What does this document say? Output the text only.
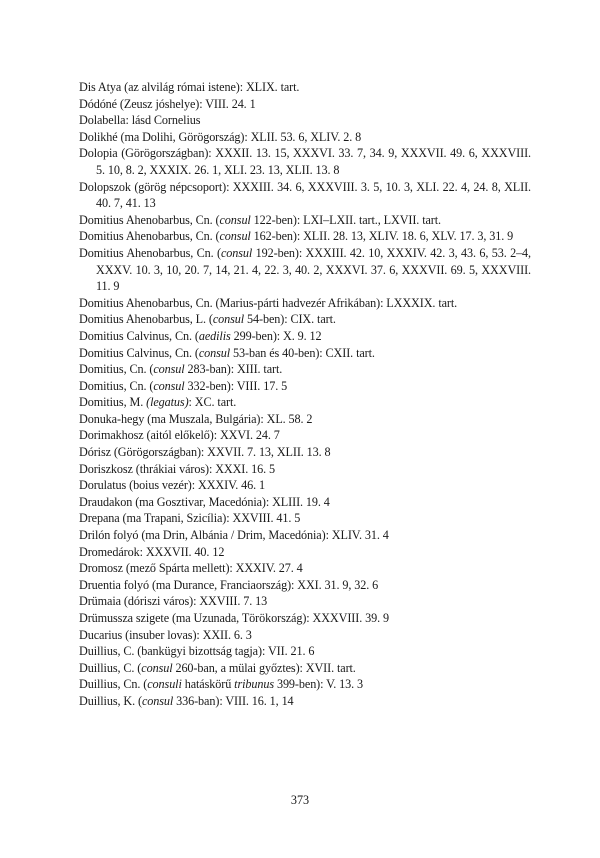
Dis Atya (az alvilág római istene): XLIX. tart.
Dódóné (Zeusz jóshelye): VIII. 24. 1
Dolabella: lásd Cornelius
Dolikhé (ma Dolihi, Görögország): XLII. 53. 6, XLIV. 2. 8
Dolopia (Görögországban): XXXII. 13. 15, XXXVI. 33. 7, 34. 9, XXXVII. 49. 6, XXXVIII. 5. 10, 8. 2, XXXIX. 26. 1, XLI. 23. 13, XLII. 13. 8
Dolopszok (görög népcsoport): XXXIII. 34. 6, XXXVIII. 3. 5, 10. 3, XLI. 22. 4, 24. 8, XLII. 40. 7, 41. 13
Domitius Ahenobarbus, Cn. (consul 122-ben): LXI–LXII. tart., LXVII. tart.
Domitius Ahenobarbus, Cn. (consul 162-ben): XLII. 28. 13, XLIV. 18. 6, XLV. 17. 3, 31. 9
Domitius Ahenobarbus, Cn. (consul 192-ben): XXXIII. 42. 10, XXXIV. 42. 3, 43. 6, 53. 2–4, XXXV. 10. 3, 10, 20. 7, 14, 21. 4, 22. 3, 40. 2, XXXVI. 37. 6, XXXVII. 69. 5, XXXVIII. 11. 9
Domitius Ahenobarbus, Cn. (Marius-párti hadvezér Afrikában): LXXXIX. tart.
Domitius Ahenobarbus, L. (consul 54-ben): CIX. tart.
Domitius Calvinus, Cn. (aedilis 299-ben): X. 9. 12
Domitius Calvinus, Cn. (consul 53-ban és 40-ben): CXII. tart.
Domitius, Cn. (consul 283-ban): XIII. tart.
Domitius, Cn. (consul 332-ben): VIII. 17. 5
Domitius, M. (legatus): XC. tart.
Donuka-hegy (ma Muszala, Bulgária): XL. 58. 2
Dorimakhosz (aitól előkelő): XXVI. 24. 7
Dórisz (Görögországban): XXVII. 7. 13, XLII. 13. 8
Doriszkosz (thrákiai város): XXXI. 16. 5
Dorulatus (boius vezér): XXXIV. 46. 1
Draudakon (ma Gosztivar, Macedónia): XLIII. 19. 4
Drepana (ma Trapani, Szicília): XXVIII. 41. 5
Drilón folyó (ma Drin, Albánia / Drim, Macedónia): XLIV. 31. 4
Dromedárok: XXXVII. 40. 12
Dromosz (mező Spárta mellett): XXXIV. 27. 4
Druentia folyó (ma Durance, Franciaország): XXI. 31. 9, 32. 6
Drümaia (dóriszi város): XXVIII. 7. 13
Drümussza szigete (ma Uzunada, Törökország): XXXVIII. 39. 9
Ducarius (insuber lovas): XXII. 6. 3
Duillius, C. (bankügyi bizottság tagja): VII. 21. 6
Duillius, C. (consul 260-ban, a mülai győztes): XVII. tart.
Duillius, Cn. (consuli hatáskörű tribunus 399-ben): V. 13. 3
Duillius, K. (consul 336-ban): VIII. 16. 1, 14
373
